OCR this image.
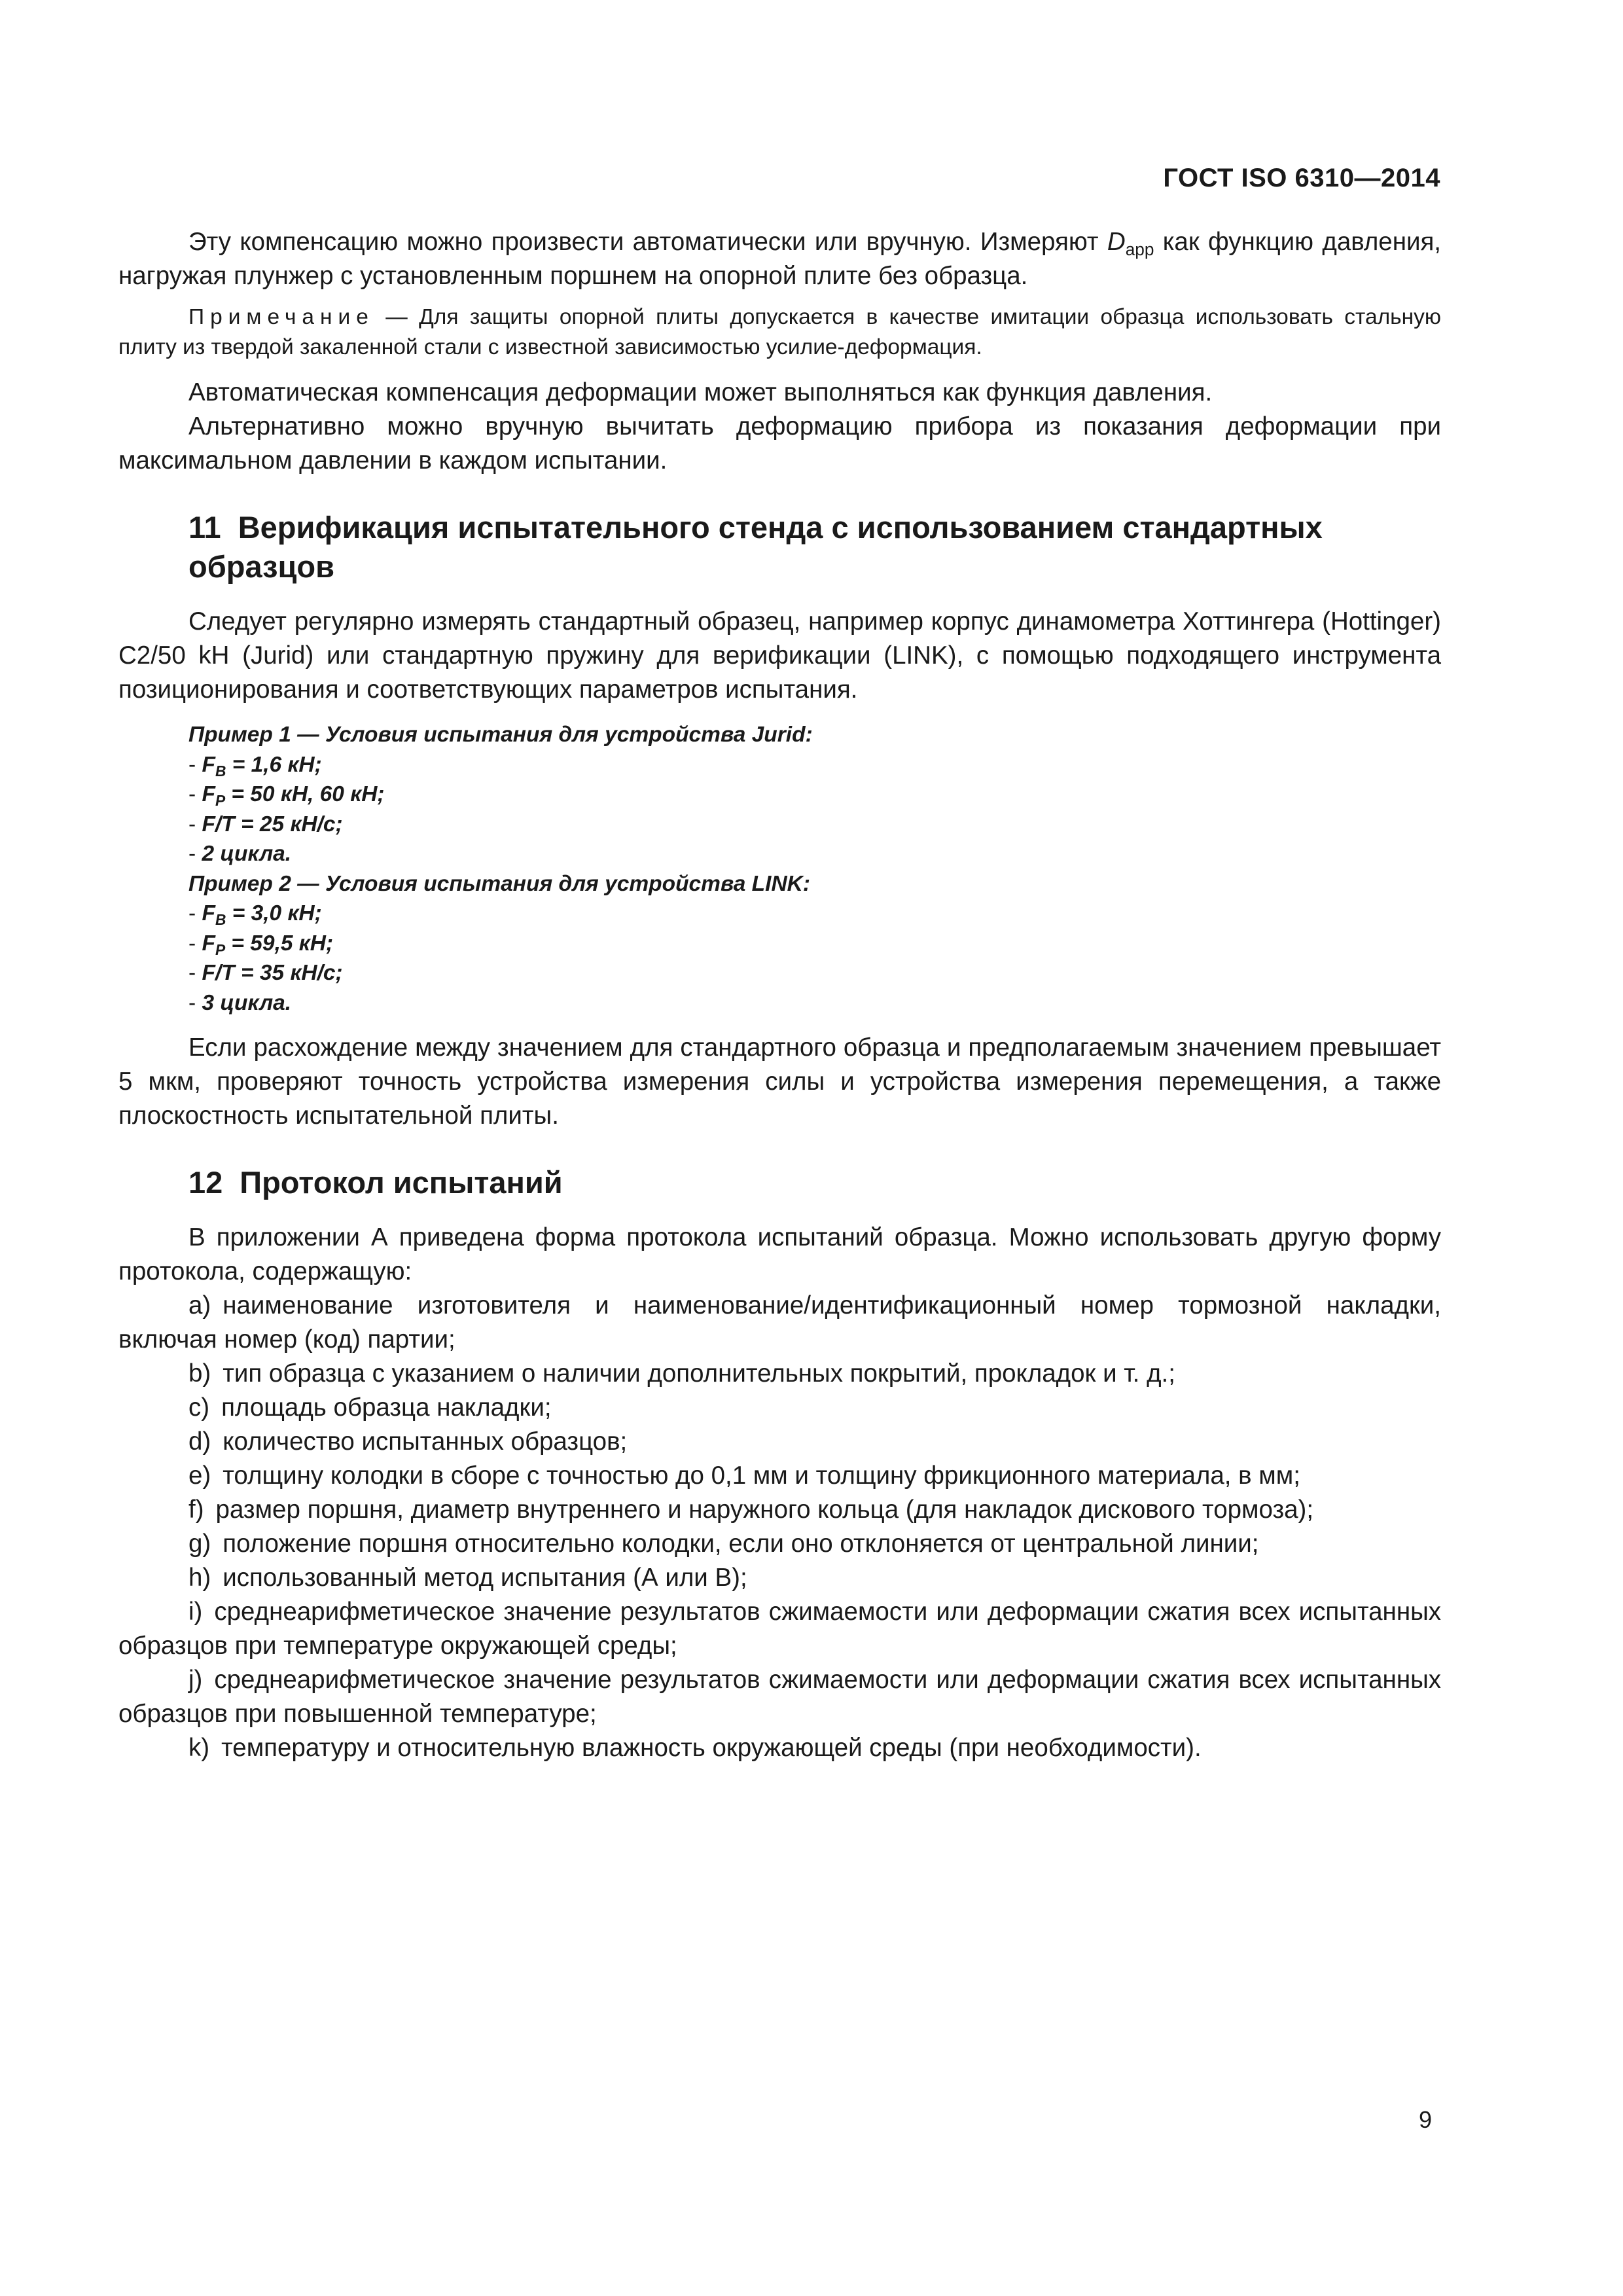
ГОСТ ISO 6310—2014

Эту компенсацию можно произвести автоматически или вручную. Измеряют $D_{app}$ как функцию давления, нагружая плунжер с установленным поршнем на опорной плите без образца.

Примечание — Для защиты опорной плиты допускается в качестве имитации образца использовать стальную плиту из твердой закаленной стали с известной зависимостью усилие-деформация.

Автоматическая компенсация деформации может выполняться как функция давления.

Альтернативно можно вручную вычитать деформацию прибора из показания деформации при максимальном давлении в каждом испытании.

11 Верификация испытательного стенда с использованием стандартных образцов

Следует регулярно измерять стандартный образец, например корпус динамометра Хоттингера (Hottinger) C2/50 kH (Jurid) или стандартную пружину для верификации (LINK), с помощью подходящего инструмента позиционирования и соответствующих параметров испытания.

Пример 1 — Условия испытания для устройства Jurid:
- $F_B = 1,6$ кН;
- $F_P = 50$ кН, 60 кН;
- F/T = 25 кН/с;
- 2 цикла.
Пример 2 — Условия испытания для устройства LINK:
- $F_B = 3,0$ кН;
- $F_P = 59,5$ кН;
- F/T = 35 кН/с;
- 3 цикла.

Если расхождение между значением для стандартного образца и предполагаемым значением превышает 5 мкм, проверяют точность устройства измерения силы и устройства измерения перемещения, а также плоскостность испытательной плиты.

12 Протокол испытаний

В приложении А приведена форма протокола испытаний образца. Можно использовать другую форму протокола, содержащую:

a) наименование изготовителя и наименование/идентификационный номер тормозной накладки, включая номер (код) партии;

b) тип образца с указанием о наличии дополнительных покрытий, прокладок и т. д.;

c) площадь образца накладки;

d) количество испытанных образцов;

e) толщину колодки в сборе с точностью до 0,1 мм и толщину фрикционного материала, в мм;

f) размер поршня, диаметр внутреннего и наружного кольца (для накладок дискового тормоза);

g) положение поршня относительно колодки, если оно отклоняется от центральной линии;

h) использованный метод испытания (А или В);

i) среднеарифметическое значение результатов сжимаемости или деформации сжатия всех испытанных образцов при температуре окружающей среды;

j) среднеарифметическое значение результатов сжимаемости или деформации сжатия всех испытанных образцов при повышенной температуре;

k) температуру и относительную влажность окружающей среды (при необходимости).

9
